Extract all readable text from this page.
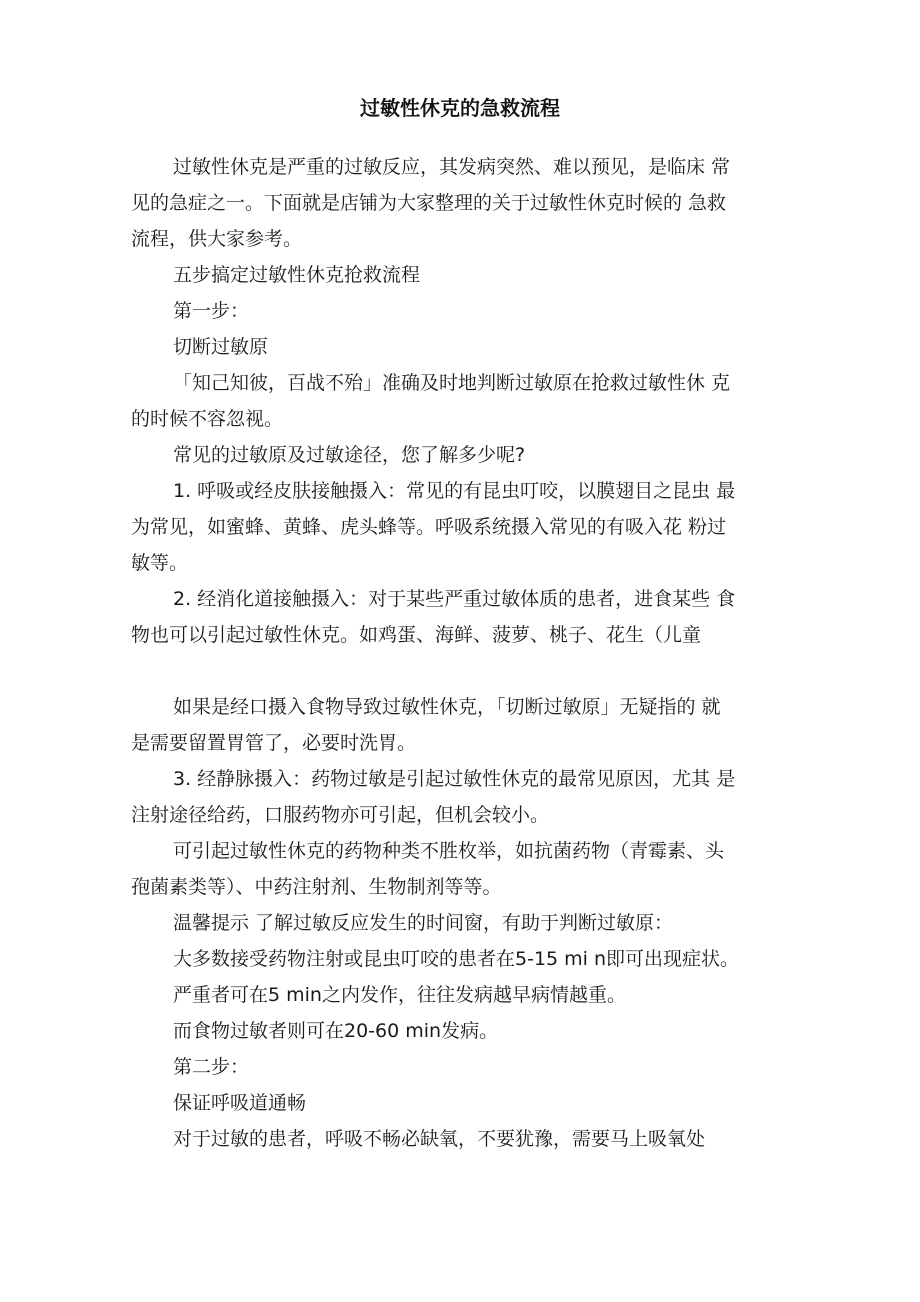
过敏性休克的急救流程
过敏性休克是严重的过敏反应，其发病突然、难以预见，是临床 常
见的急症之一。下面就是店铺为大家整理的关于过敏性休克时候的 急救
流程，供大家参考。
五步搞定过敏性休克抢救流程
第一步：
切断过敏原
「知己知彼，百战不殆」准确及时地判断过敏原在抢救过敏性休 克
的时候不容忽视。
常见的过敏原及过敏途径，您了解多少呢?
1. 呼吸或经皮肤接触摄入：常见的有昆虫叮咬，以膜翅目之昆虫 最
为常见，如蜜蜂、黄蜂、虎头蜂等。呼吸系统摄入常见的有吸入花 粉过
敏等。
2. 经消化道接触摄入：对于某些严重过敏体质的患者，进食某些 食
物也可以引起过敏性休克。如鸡蛋、海鲜、菠萝、桃子、花生（儿童
如果是经口摄入食物导致过敏性休克，「切断过敏原」无疑指的 就
是需要留置胃管了，必要时洗胃。
3. 经静脉摄入：药物过敏是引起过敏性休克的最常见原因，尤其 是
注射途径给药，口服药物亦可引起，但机会较小。
可引起过敏性休克的药物种类不胜枚举，如抗菌药物（青霉素、头
孢菌素类等）、中药注射剂、生物制剂等等。
温馨提示 了解过敏反应发生的时间窗，有助于判断过敏原：
大多数接受药物注射或昆虫叮咬的患者在5-15 mi n即可出现症状。
严重者可在5 min之内发作，往往发病越早病情越重。
而食物过敏者则可在20-60 min发病。
第二步：
保证呼吸道通畅
对于过敏的患者，呼吸不畅必缺氧，不要犹豫，需要马上吸氧处
